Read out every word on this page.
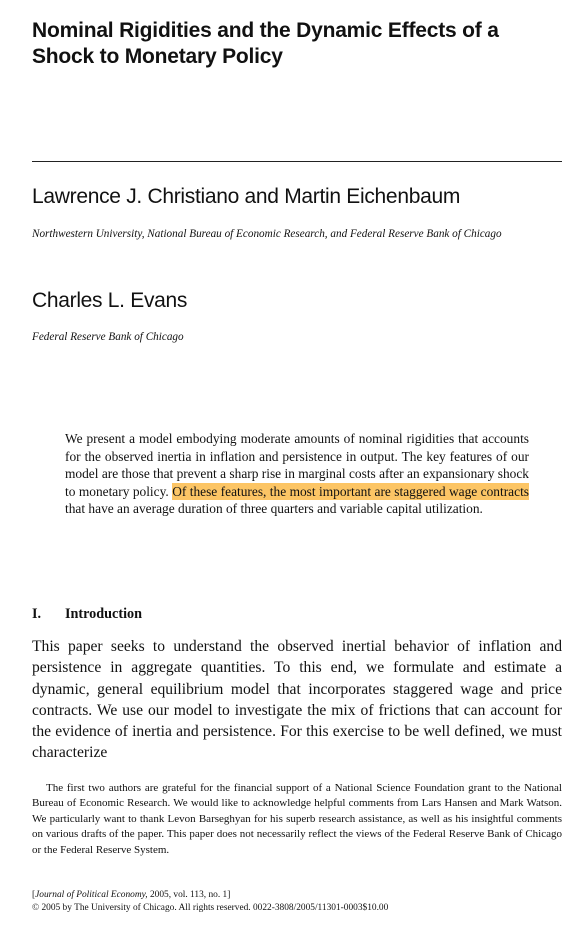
Nominal Rigidities and the Dynamic Effects of a Shock to Monetary Policy
Lawrence J. Christiano and Martin Eichenbaum

Northwestern University, National Bureau of Economic Research, and Federal Reserve Bank of Chicago

Charles L. Evans

Federal Reserve Bank of Chicago

We present a model embodying moderate amounts of nominal rigidities that accounts for the observed inertia in inflation and persistence in output. The key features of our model are those that prevent a sharp rise in marginal costs after an expansionary shock to monetary policy. Of these features, the most important are staggered wage contracts that have an average duration of three quarters and variable capital utilization.

I. Introduction

This paper seeks to understand the observed inertial behavior of inflation and persistence in aggregate quantities. To this end, we formulate and estimate a dynamic, general equilibrium model that incorporates staggered wage and price contracts. We use our model to investigate the mix of frictions that can account for the evidence of inertia and persistence. For this exercise to be well defined, we must characterize

The first two authors are grateful for the financial support of a National Science Foundation grant to the National Bureau of Economic Research. We would like to acknowledge helpful comments from Lars Hansen and Mark Watson. We particularly want to thank Levon Barseghyan for his superb research assistance, as well as his insightful comments on various drafts of the paper. This paper does not necessarily reflect the views of the Federal Reserve Bank of Chicago or the Federal Reserve System.

[Journal of Political Economy, 2005, vol. 113, no. 1]
© 2005 by The University of Chicago. All rights reserved. 0022-3808/2005/11301-0003$10.00
